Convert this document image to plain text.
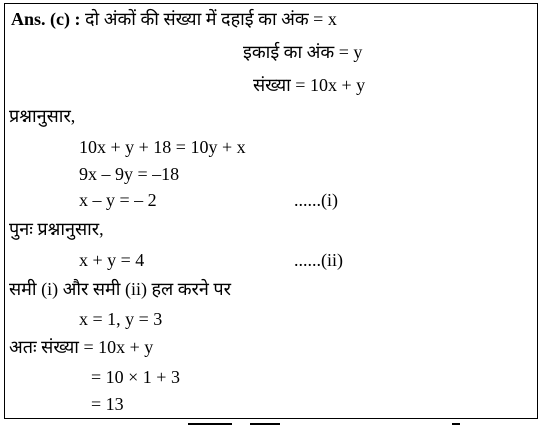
Ans. (c) : दो अंकों की संख्या में दहाई का अंक = x
इकाई का अंक = y
संख्या = 10x + y
प्रश्नानुसार,
10x + y + 18 = 10y + x
9x – 9y = –18
x – y = – 2	......(i)
पुनः प्रश्नानुसार,
x + y = 4	......(ii)
समी (i) और समी (ii) हल करने पर
x = 1, y = 3
अतः संख्या = 10x + y
= 10 × 1 + 3
= 13
